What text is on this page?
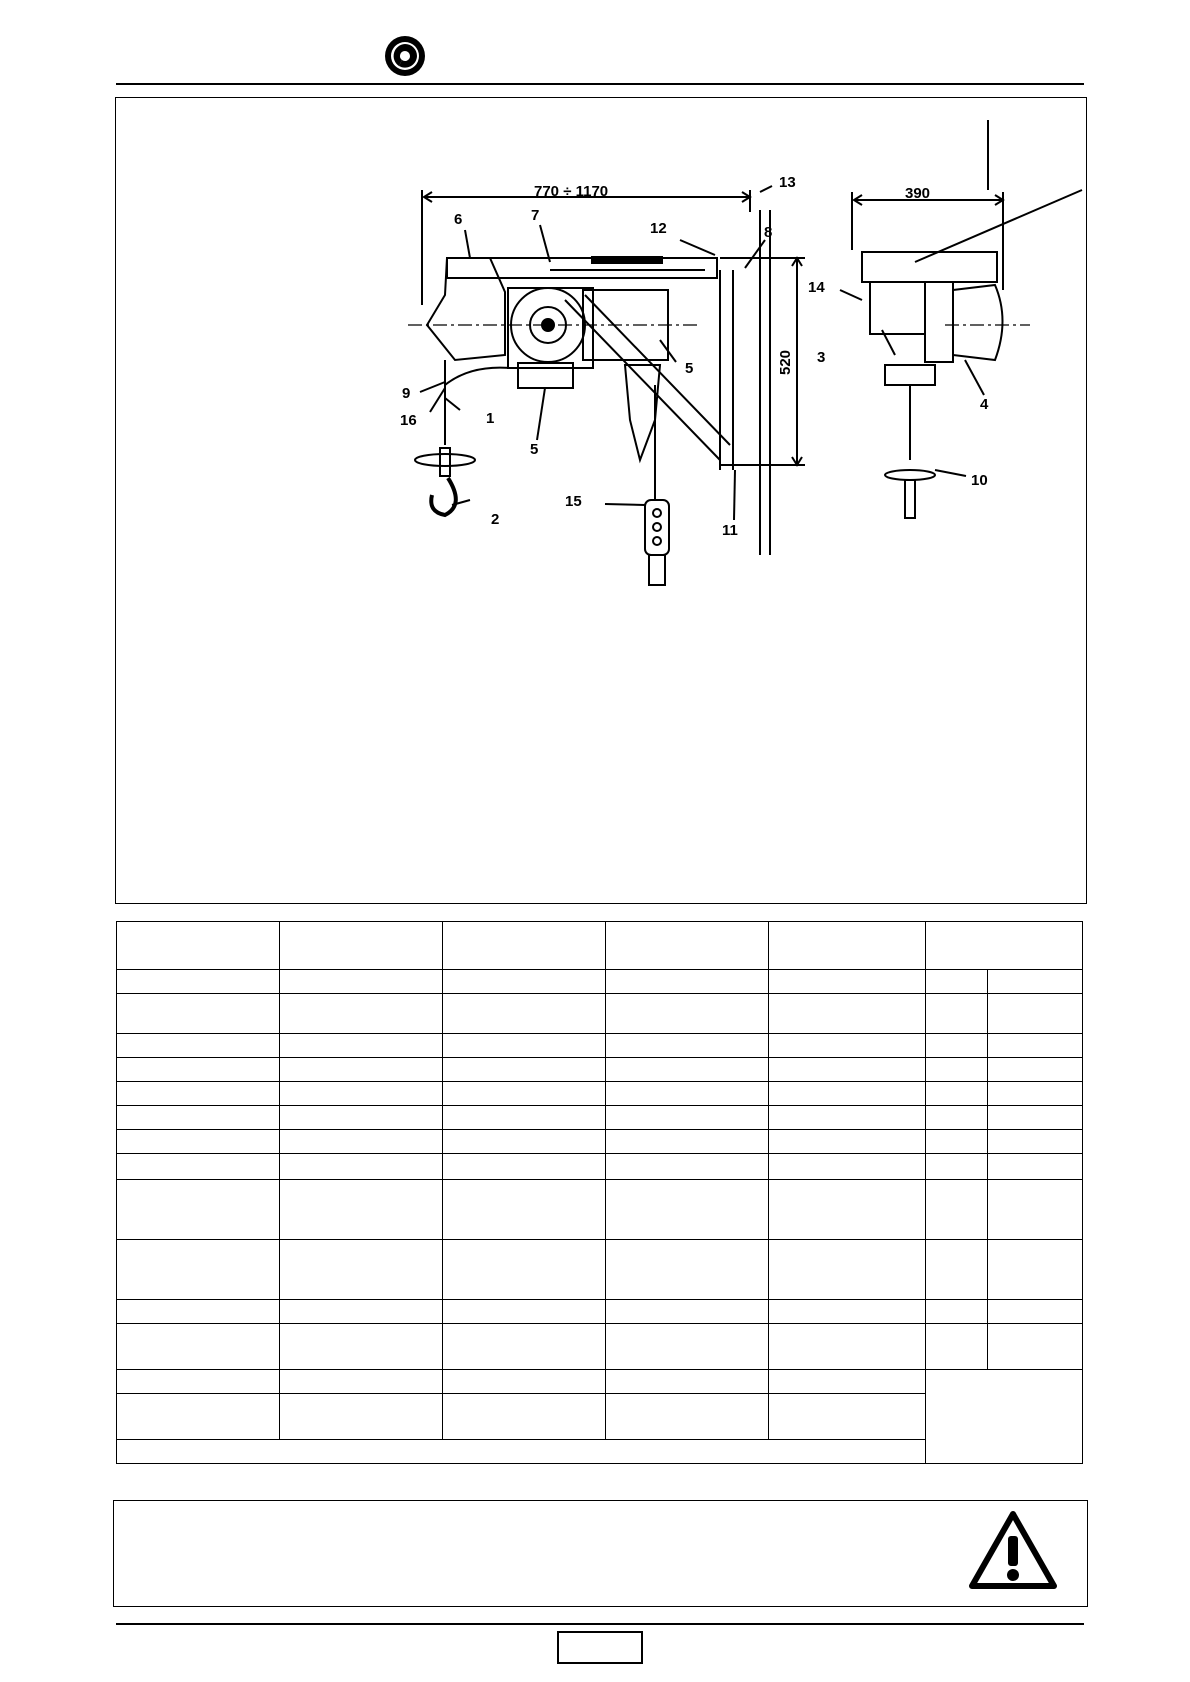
770 ÷ 1170	390
520
1
2
3
4
5
5
6	7
8
9
10
11
12
13
14
15
16
